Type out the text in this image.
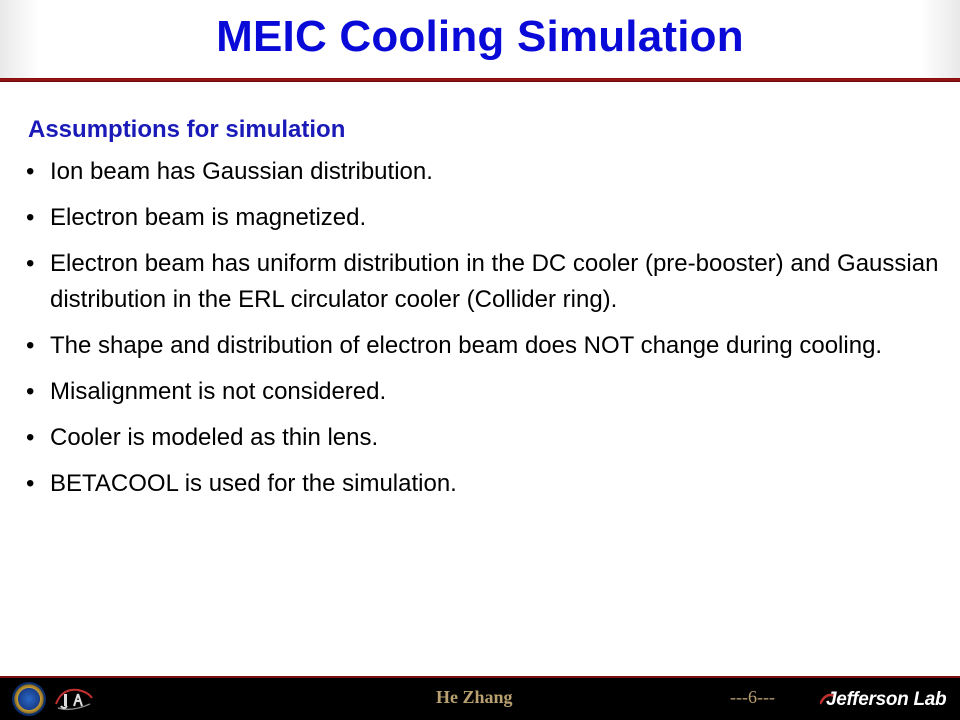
MEIC Cooling Simulation
Assumptions for simulation
• Ion beam has Gaussian distribution.
• Electron beam is magnetized.
• Electron beam has uniform distribution in the DC cooler (pre-booster) and Gaussian distribution in the ERL circulator cooler (Collider ring).
• The shape and distribution of electron beam does NOT change during cooling.
• Misalignment is not considered.
• Cooler is modeled as thin lens.
• BETACOOL is used for the simulation.
He Zhang	---6---	Jefferson Lab
